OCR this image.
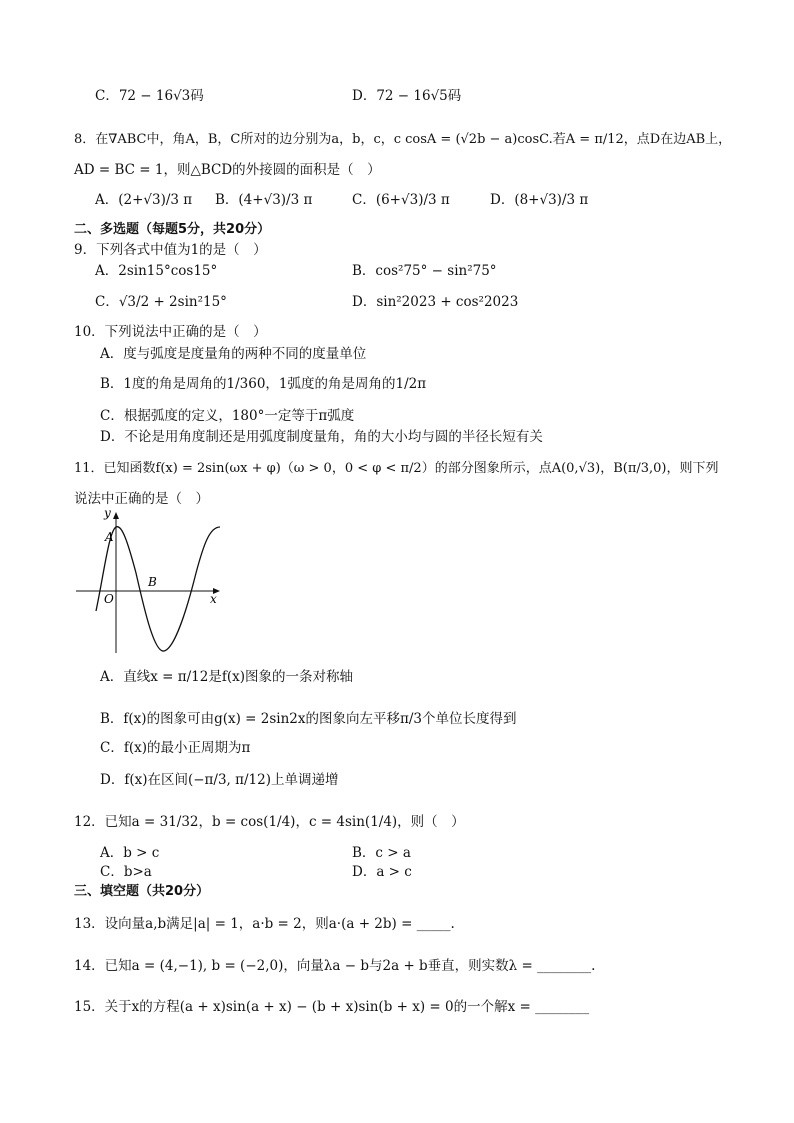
C．72 − 16√3码	D．72 − 16√5码
8．在∇ABC中，角A，B，C所对的边分别为a，b，c，c cosA = (√2b − a)cosC.若A = π/12，点D在边AB上，
AD = BC = 1，则△BCD的外接圆的面积是（　）
A．(2+√3)/3 π B．(4+√3)/3 π	C．(6+√3)/3 π	D．(8+√3)/3 π
二、多选题（每题5分，共20分）
9．下列各式中值为1的是（　）
A．2sin15°cos15°	B．cos²75° − sin²75°
C．√3/2 + 2sin²15°	D．sin²2023 + cos²2023
10．下列说法中正确的是（　）
A．度与弧度是度量角的两种不同的度量单位
B．1度的角是周角的1/360，1弧度的角是周角的1/2π
C．根据弧度的定义，180°一定等于π弧度
D．不论是用角度制还是用弧度制度量角，角的大小均与圆的半径长短有关
11．已知函数f(x) = 2sin(ωx + φ)（ω > 0，0 < φ < π/2）的部分图象所示，点A(0,√3)，B(π/3,0)，则下列
说法中正确的是（　）
y
x
O
A
B
A．直线x = π/12是f(x)图象的一条对称轴
B．f(x)的图象可由g(x) = 2sin2x的图象向左平移π/3个单位长度得到
C．f(x)的最小正周期为π
D．f(x)在区间(−π/3, π/12)上单调递增
12．已知a = 31/32，b = cos(1/4)，c = 4sin(1/4)，则（　）
A．b > c	B．c > a
C．b>a	D．a > c
三、填空题（共20分）
13．设向量a,b满足|a| = 1，a·b = 2，则a·(a + 2b) = _____.
14．已知a = (4,−1), b = (−2,0)，向量λa − b与2a + b垂直，则实数λ = ________.
15．关于x的方程(a + x)sin(a + x) − (b + x)sin(b + x) = 0的一个解x = ________
